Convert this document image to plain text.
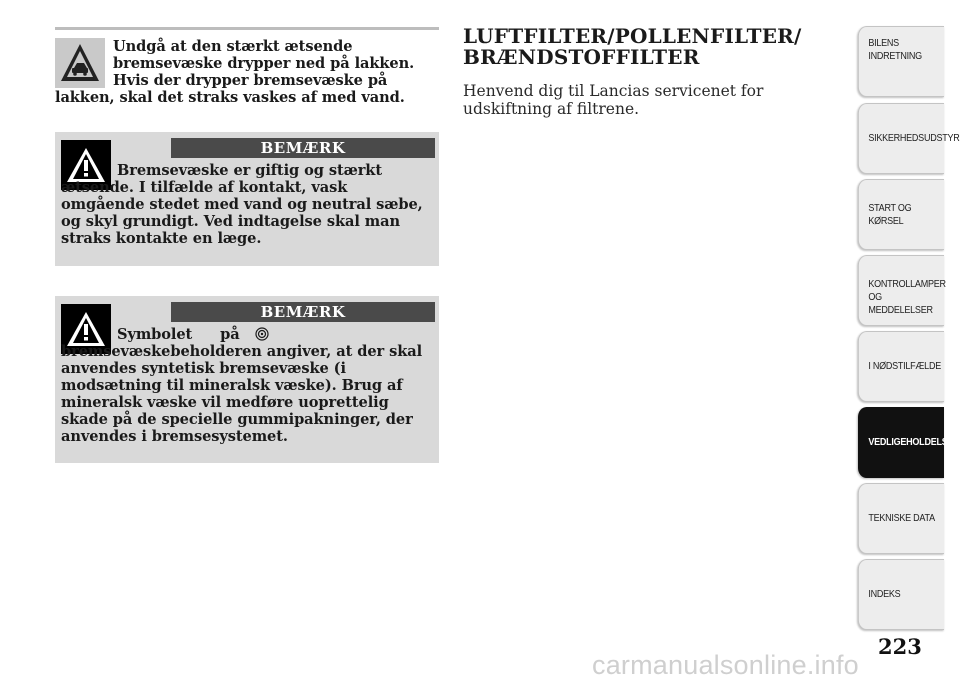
Undgå at den stærkt ætsende bremsevæske drypper ned på lakken. Hvis der drypper bremsevæske på lakken, skal det straks vaskes af med vand.

BEMÆRK

Bremsevæske er giftig og stærkt ætsende. I tilfælde af kontakt, vask omgående stedet med vand og neutral sæbe, og skyl grundigt. Ved indtagelse skal man straks kontakte en læge.

BEMÆRK

Symbolet på bremsevæskebeholderen angiver, at der skal anvendes syntetisk bremsevæske (i modsætning til mineralsk væske). Brug af mineralsk væske vil medføre uoprettelig skade på de specielle gummipakninger, der anvendes i bremsesystemet.

LUFTFILTER/POLLENFILTER/ BRÆNDSTOFFILTER

Henvend dig til Lancias servicenet for udskiftning af filtrene.

BILENS
INDRETNING
SIKKERHEDSUDSTYR
START OG KØRSEL
KONTROLLAMPER
OG MEDDELELSER
I NØDSTILFÆLDE
VEDLIGEHOLDELSE
TEKNISKE DATA
INDEKS

223

carmanualsonline.info
